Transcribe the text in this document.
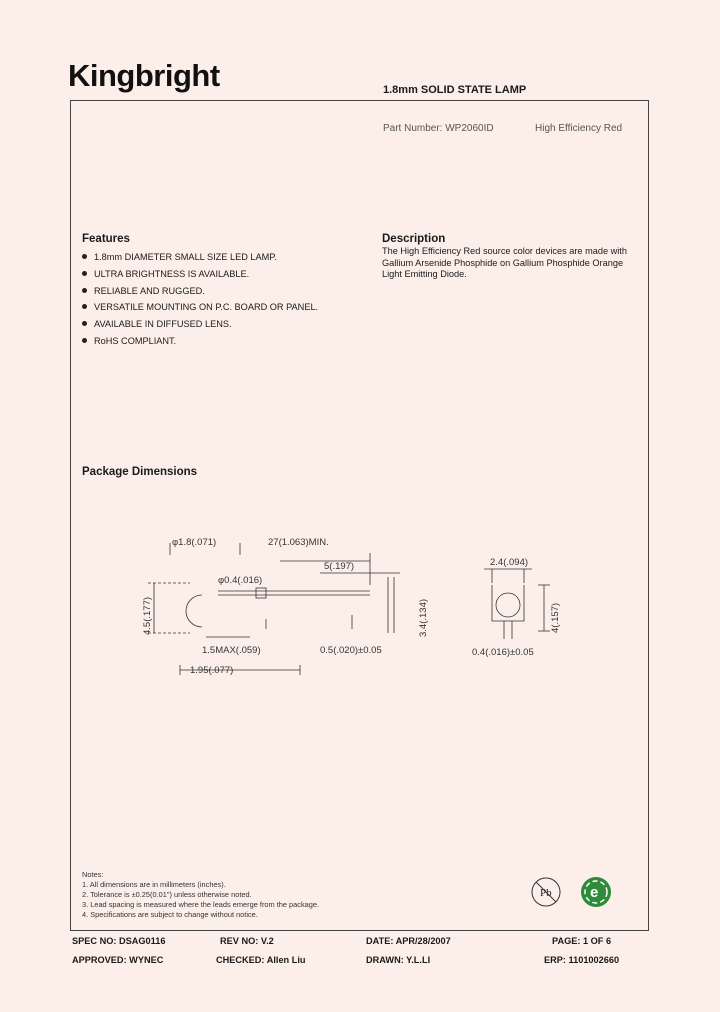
Kingbright	1.8mm SOLID STATE LAMP
Part Number: WP2060ID	High Efficiency Red
Features
1.8mm DIAMETER SMALL SIZE LED LAMP.
ULTRA BRIGHTNESS IS AVAILABLE.
RELIABLE AND RUGGED.
VERSATILE MOUNTING ON P.C. BOARD OR PANEL.
AVAILABLE IN DIFFUSED LENS.
RoHS COMPLIANT.
Description
The High Efficiency Red source color devices are made with Gallium Arsenide Phosphide on Gallium Phosphide Orange Light Emitting Diode.
Package Dimensions
φ1.8(.071)	27(1.063)MIN.
φ0.4(.016)
5(.197)
4.5(.177)	3.4(.134)
1.5MAX(.059)	0.5(.020)±0.05
1.95(.077)
2.4(.094)
4(.157)
0.4(.016)±0.05
Notes:
1. All dimensions are in millimeters (inches).
2. Tolerance is ±0.25(0.01") unless otherwise noted.
3. Lead spacing is measured where the leads emerge from the package.
4. Specifications are subject to change without notice.
Pb	e
SPEC NO: DSAG0116	REV NO: V.2	DATE: APR/28/2007	PAGE: 1 OF 6
APPROVED: WYNEC	CHECKED: Allen Liu	DRAWN: Y.L.LI	ERP: 1101002660
